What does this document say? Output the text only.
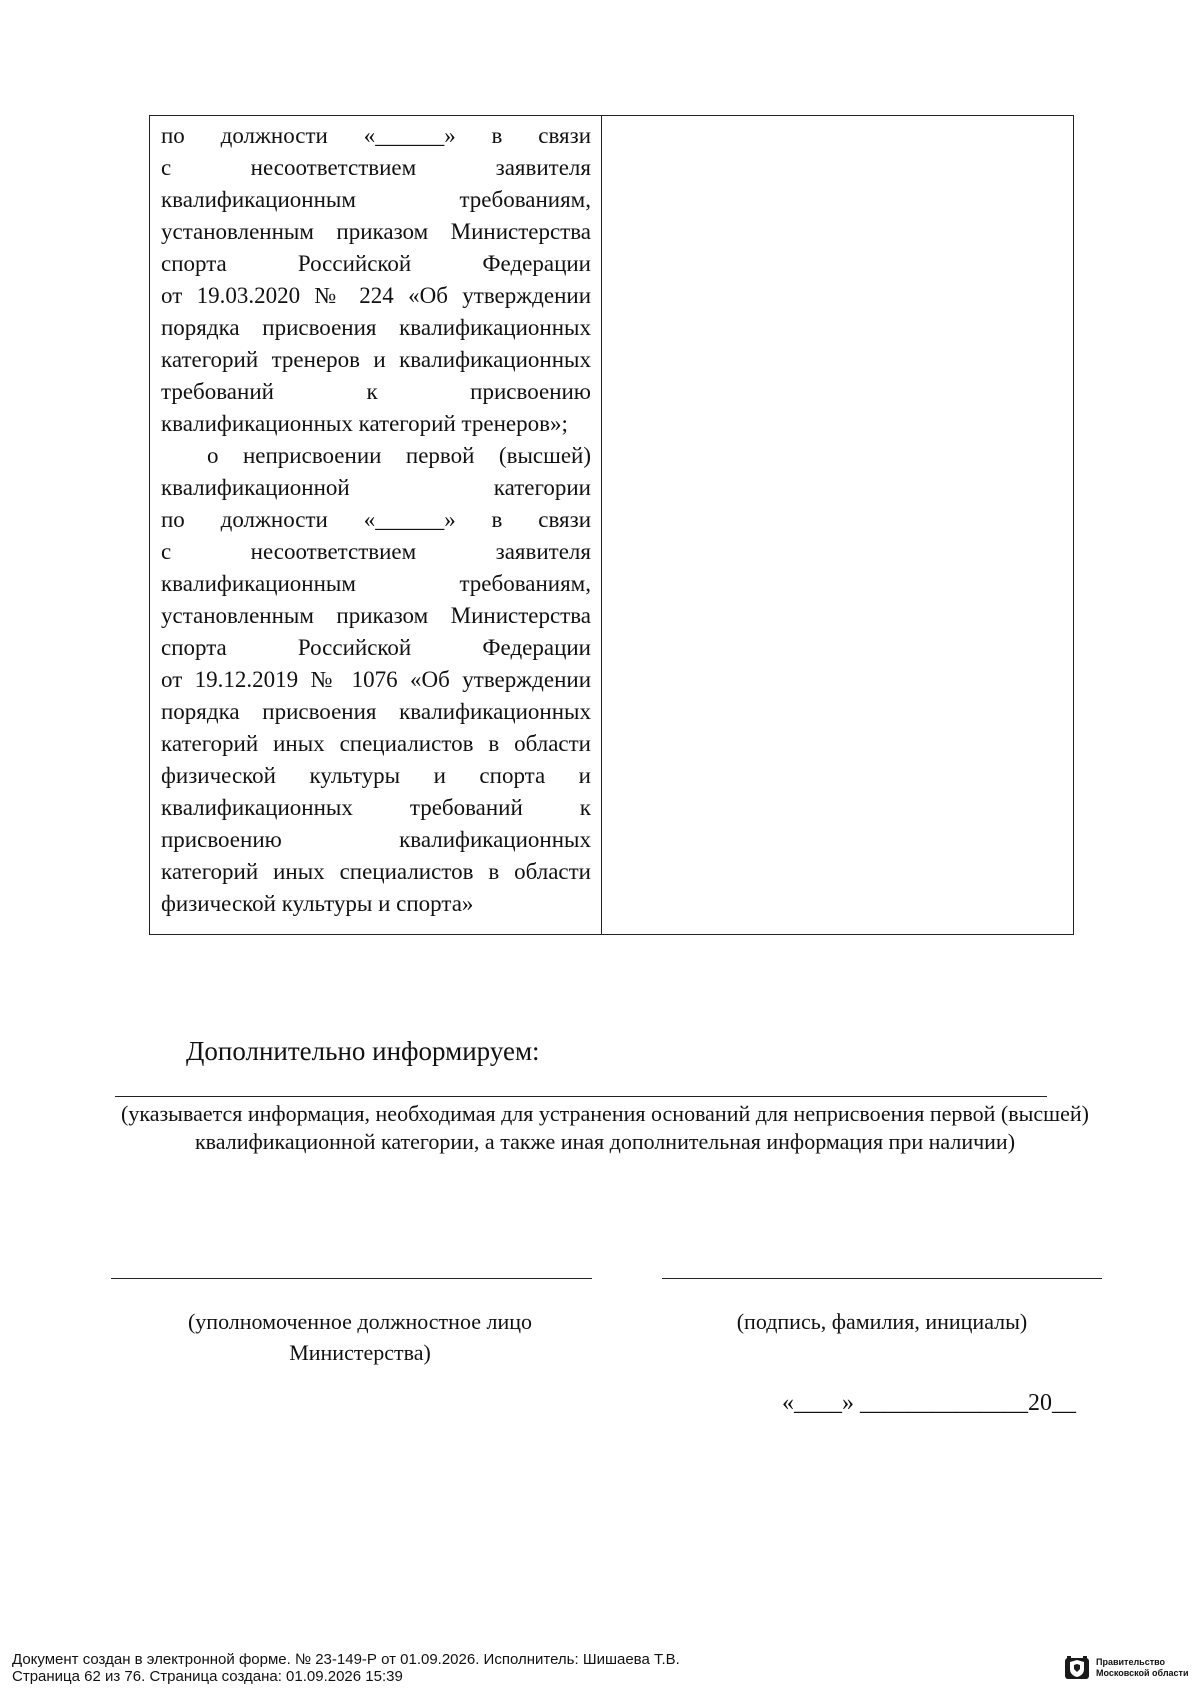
по должности «______» в связи
с несоответствием заявителя
квалификационным требованиям,
установленным приказом Министерства
спорта Российской Федерации
от 19.03.2020 № 224 «Об утверждении
порядка присвоения квалификационных
категорий тренеров и квалификационных
требований к присвоению
квалификационных категорий тренеров»;
о неприсвоении первой (высшей)
квалификационной категории
по должности «______» в связи
с несоответствием заявителя
квалификационным требованиям,
установленным приказом Министерства
спорта Российской Федерации
от 19.12.2019 № 1076 «Об утверждении
порядка присвоения квалификационных
категорий иных специалистов в области
физической культуры и спорта и
квалификационных требований к
присвоению квалификационных
категорий иных специалистов в области
физической культуры и спорта»
Дополнительно информируем:
(указывается информация, необходимая для устранения оснований для неприсвоения первой (высшей) квалификационной категории, а также иная дополнительная информация при наличии)
(уполномоченное должностное лицо
Министерства)
(подпись, фамилия, инициалы)
«____» ______________20__
Документ создан в электронной форме. № 23-149-Р от 01.09.2026. Исполнитель: Шишаева Т.В.
Страница 62 из 76. Страница создана: 01.09.2026 15:39
Правительство
Московской области
